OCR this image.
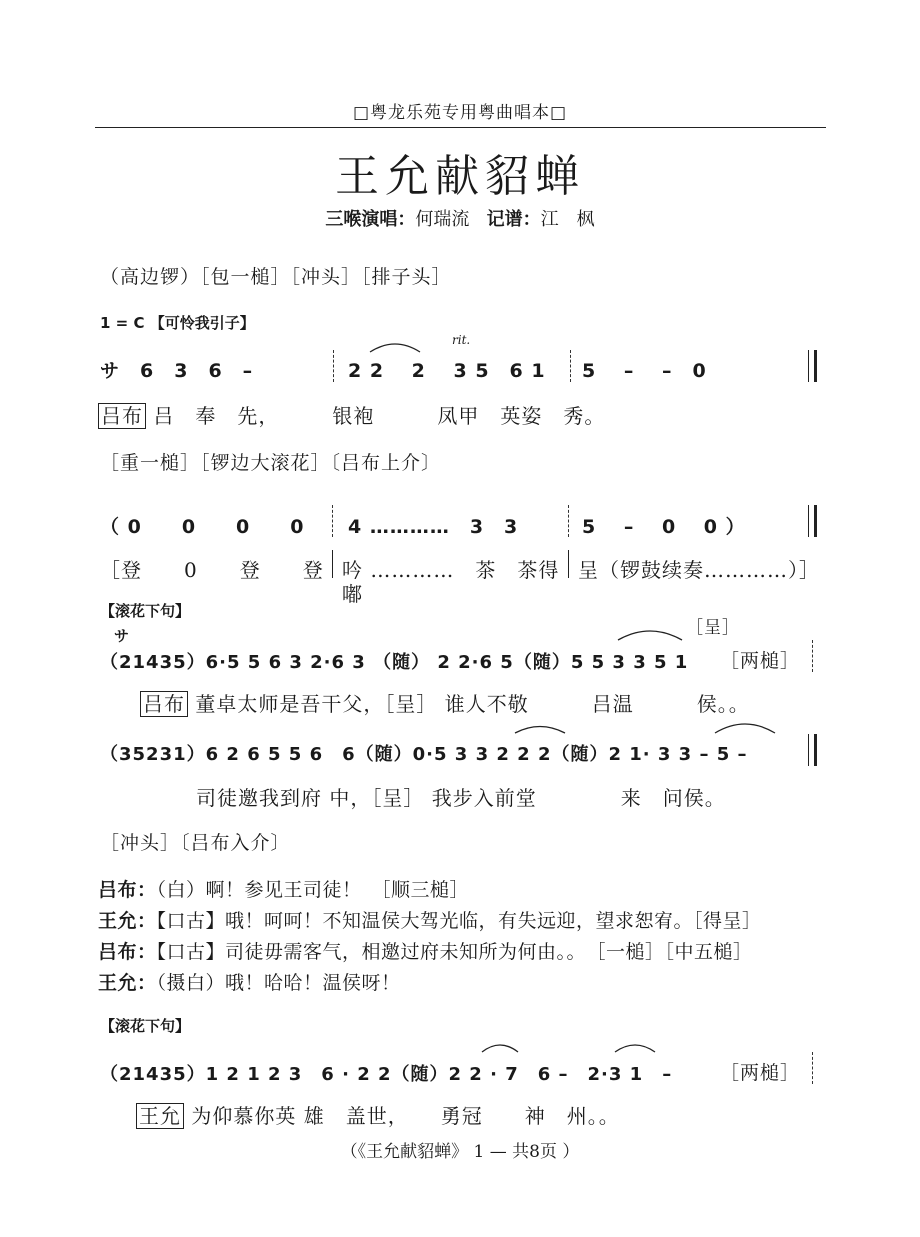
□粤龙乐苑专用粤曲唱本□
王允献貂蝉
三喉演唱：何瑞流 记谱：江　枫
（高边锣）［包一槌］［冲头］［排子头］
1 = C 【可怜我引子】
rit.
サ　6　3　6　–	2 2　 2　 3 5　6 1 5　 –　 –　0
吕布 吕　奉　先，　　　银袍　　　凤甲　英姿　秀。
［重一槌］［锣边大滚花］〔吕布上介〕
（ 0　　0　　0　　0 4 …………　3　3	5　 –　 0　 0 ）
［登　　0　　登　　登 吟 …………　茶　茶得
嘟
呈（锣鼓续奏…………）］
【滚花下句】
サ	［呈］
（21435）6·5 5 6 3 2·6 3 （随） 2 2·6 5（随）5 5 3 3 5 1 ［两槌］
吕布 董卓太师是吾干父，［呈］ 谁人不敬　　　吕温　　　侯。。
（35231）6 2 6 5 5 6　6（随）0·5 3 3 2 2 2（随）2 1· 3 3 – 5 –
司徒邀我到府 中，［呈］ 我步入前堂　　　　来　问侯。
［冲头］〔吕布入介〕
吕布：（白）啊！参见王司徒！　［顺三槌］
王允：【口古】哦！呵呵！不知温侯大驾光临，有失远迎，望求恕宥。［得呈］
吕布：【口古】司徒毋需客气，相邀过府未知所为何由。。　［一槌］［中五槌］
王允：（摄白）哦！哈哈！温侯呀！
【滚花下句】
（21435）1 2 1 2 3　6 · 2 2（随）2 2 · 7　6 –　2·3 1　–	［两槌］
王允 为仰慕你英 雄　盖世，　　勇冠　　神　州。。
（《王允献貂蝉》 1 — 共8页 ）
